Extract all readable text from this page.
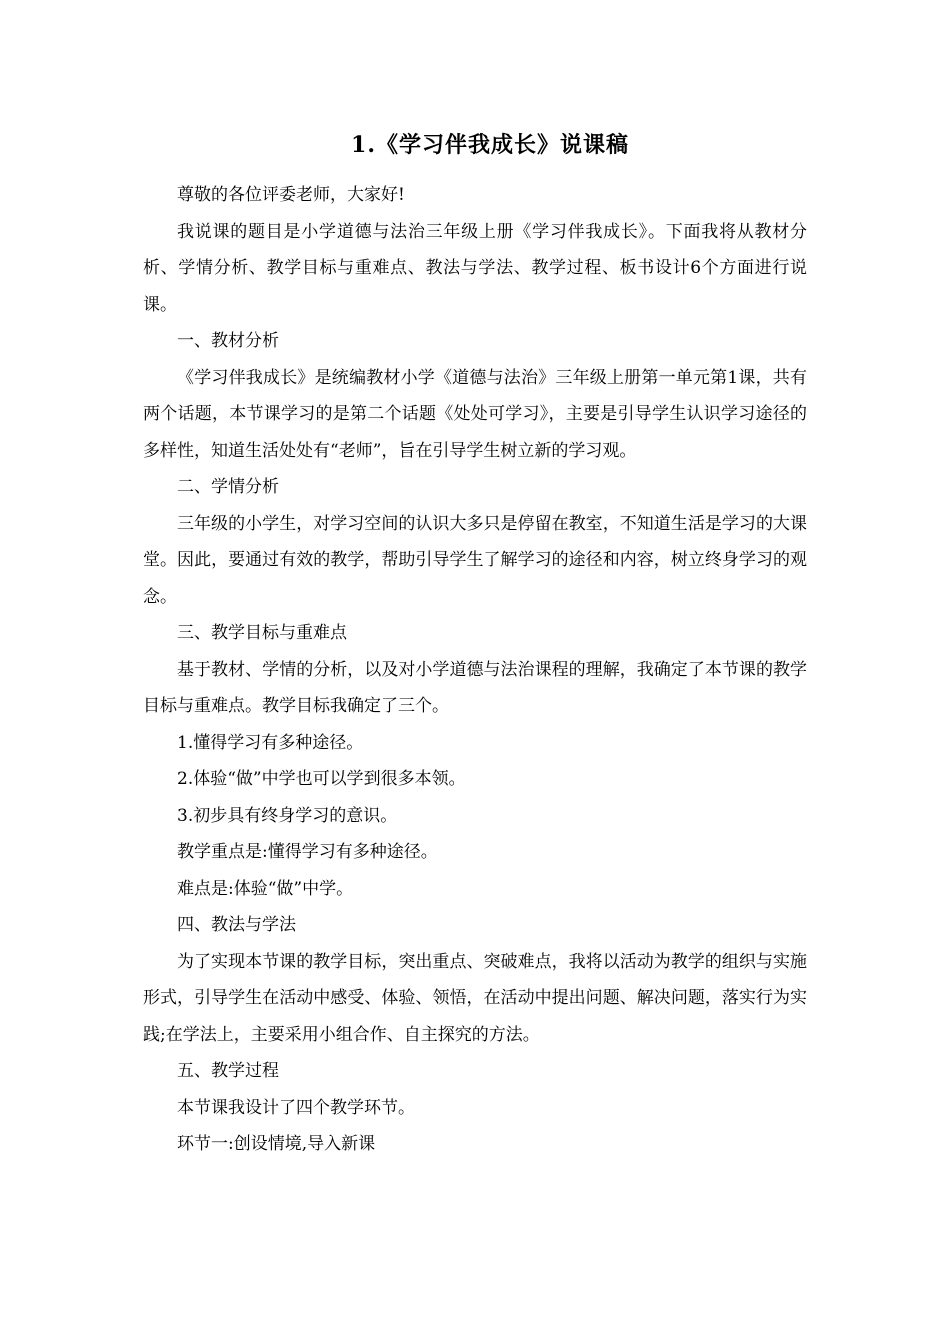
1.《学习伴我成长》说课稿

尊敬的各位评委老师，大家好!

我说课的题目是小学道德与法治三年级上册《学习伴我成长》。下面我将从教材分析、学情分析、教学目标与重难点、教法与学法、教学过程、板书设计6个方面进行说课。

一、教材分析

《学习伴我成长》是统编教材小学《道德与法治》三年级上册第一单元第1课，共有两个话题，本节课学习的是第二个话题《处处可学习》，主要是引导学生认识学习途径的多样性，知道生活处处有“老师”，旨在引导学生树立新的学习观。

二、学情分析

三年级的小学生，对学习空间的认识大多只是停留在教室，不知道生活是学习的大课堂。因此，要通过有效的教学，帮助引导学生了解学习的途径和内容，树立终身学习的观念。

三、教学目标与重难点

基于教材、学情的分析，以及对小学道德与法治课程的理解，我确定了本节课的教学目标与重难点。教学目标我确定了三个。

1.懂得学习有多种途径。

2.体验“做”中学也可以学到很多本领。

3.初步具有终身学习的意识。

教学重点是:懂得学习有多种途径。

难点是:体验“做”中学。

四、教法与学法

为了实现本节课的教学目标，突出重点、突破难点，我将以活动为教学的组织与实施形式，引导学生在活动中感受、体验、领悟，在活动中提出问题、解决问题，落实行为实践;在学法上，主要采用小组合作、自主探究的方法。

五、教学过程

本节课我设计了四个教学环节。

环节一:创设情境,导入新课
